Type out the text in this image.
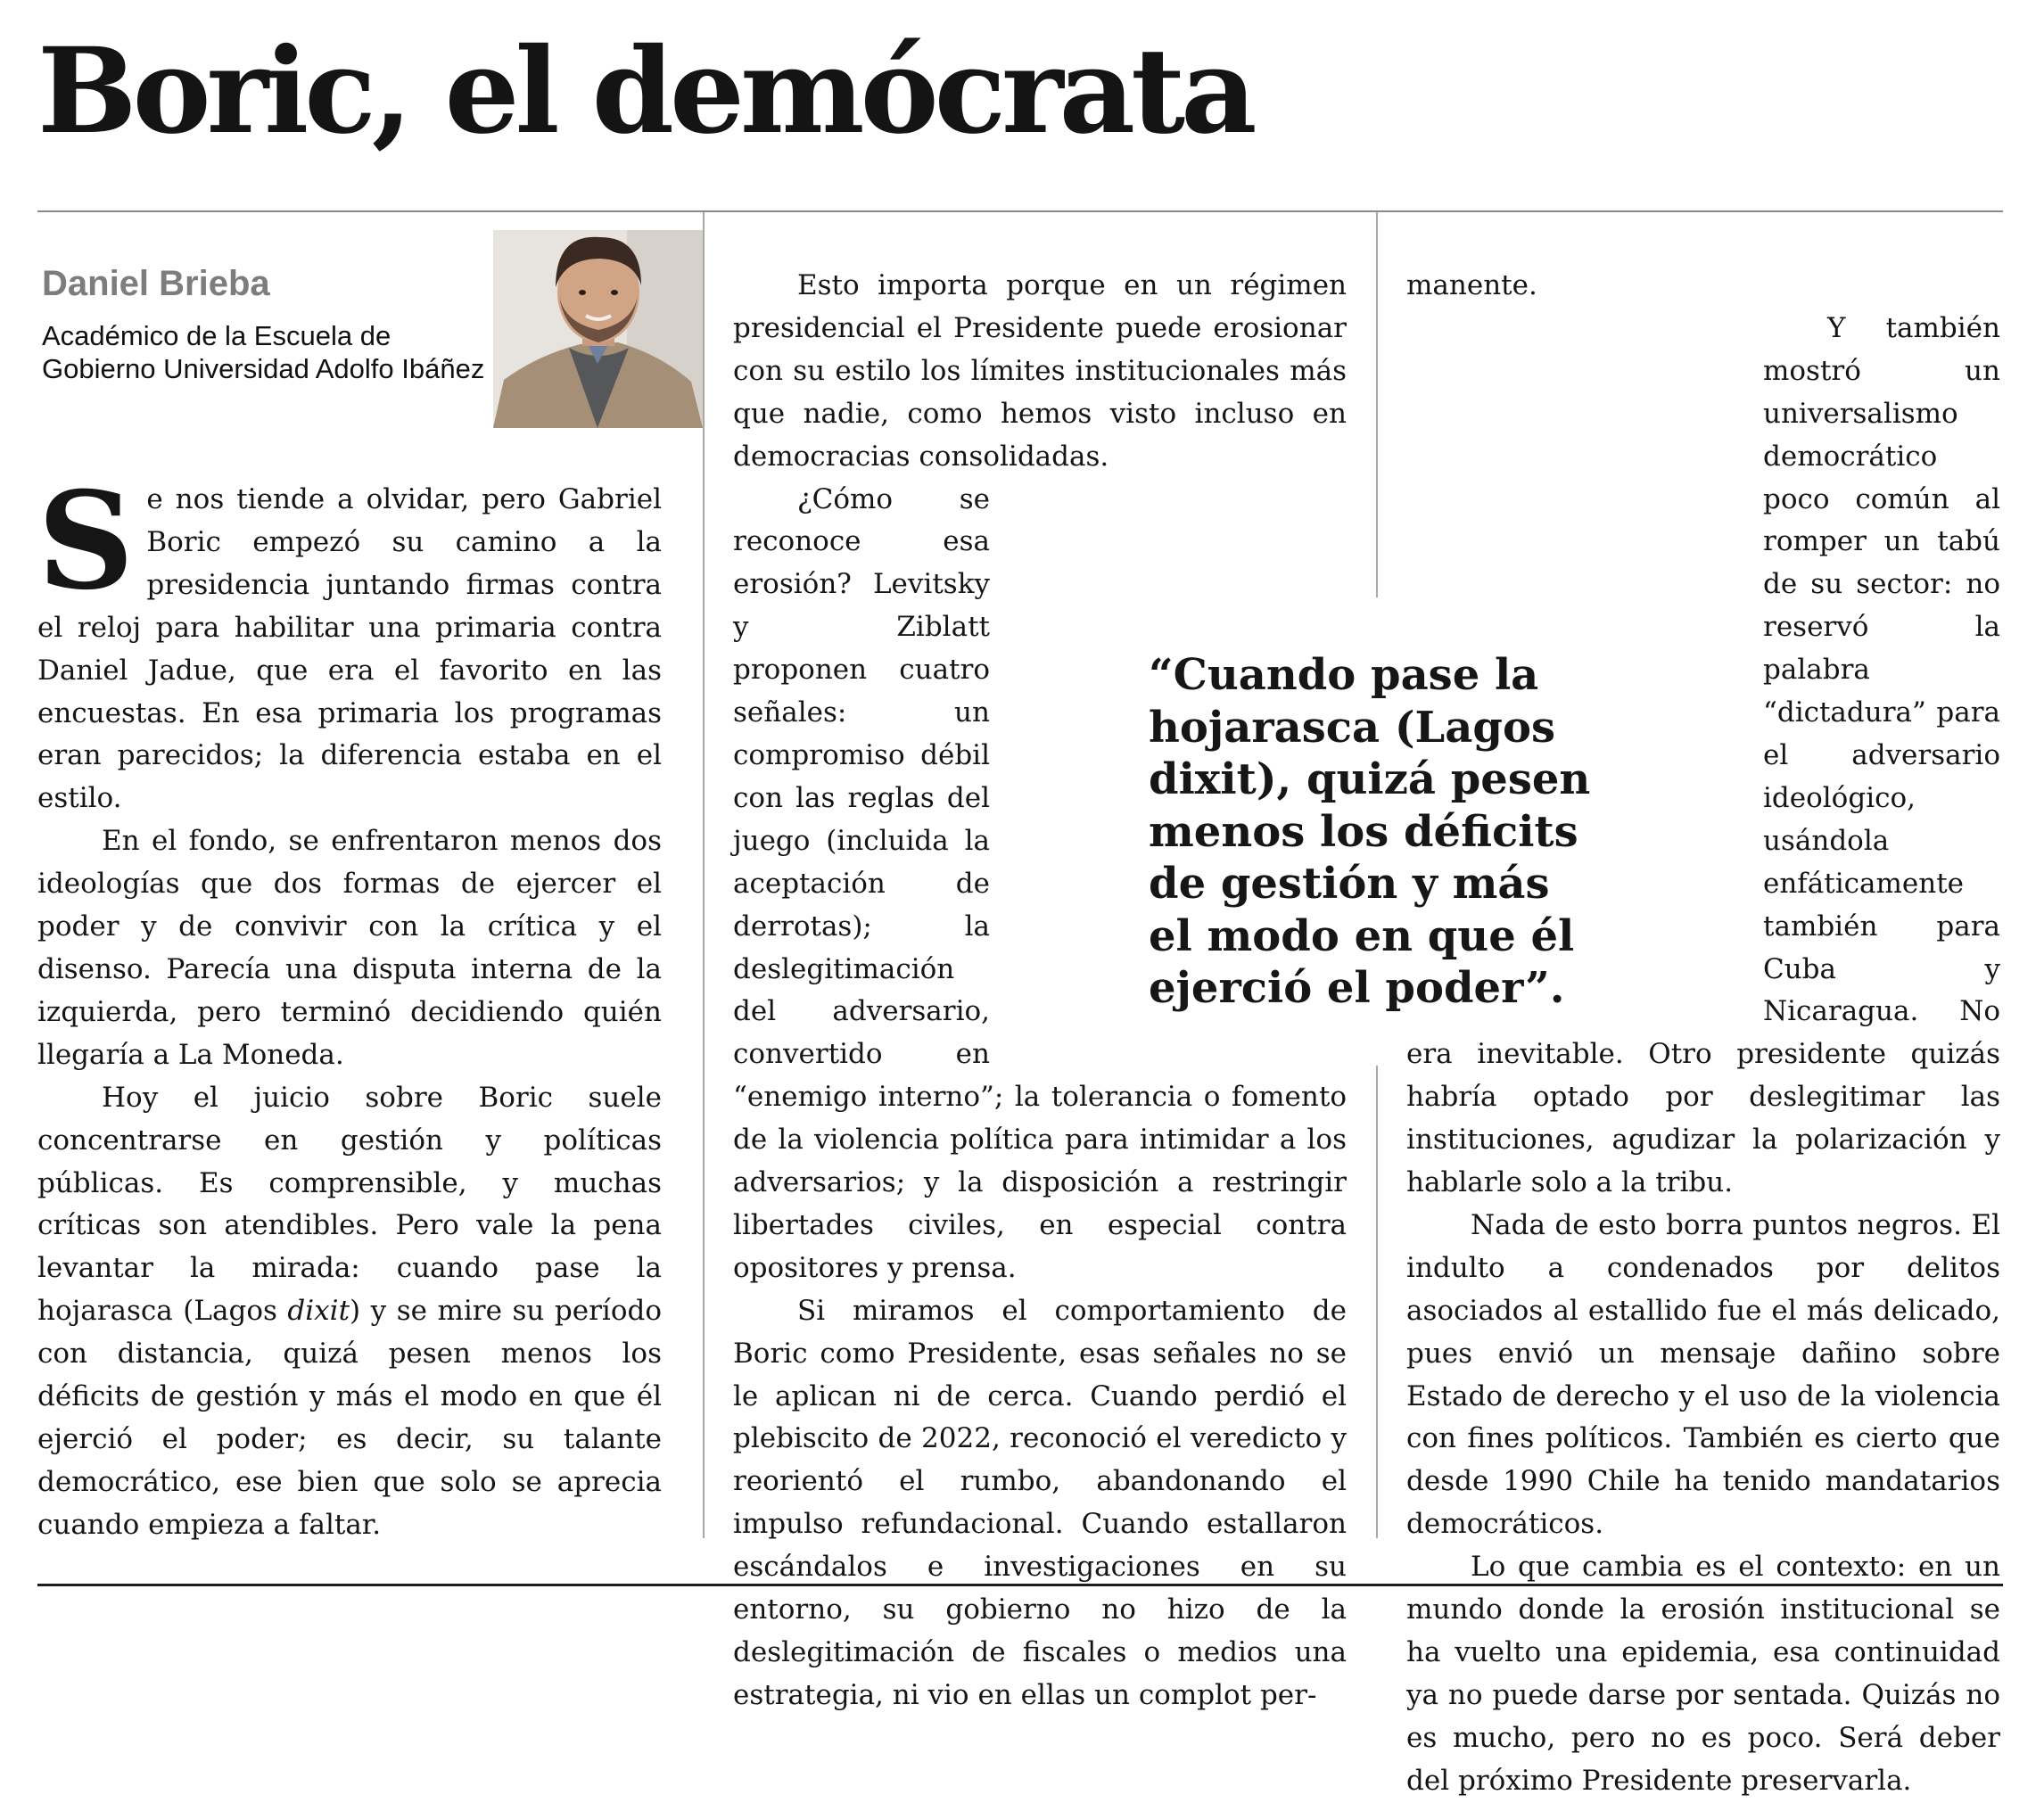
Boric, el demócrata
Daniel Brieba
Académico de la Escuela de Gobierno Universidad Adolfo Ibáñez

Se nos tiende a olvidar, pero Gabriel Boric empezó su camino a la presidencia juntando firmas contra el reloj para habilitar una primaria contra Daniel Jadue, que era el favorito en las encuestas. En esa primaria los programas eran parecidos; la diferencia estaba en el estilo.

En el fondo, se enfrentaron menos dos ideologías que dos formas de ejercer el poder y de convivir con la crítica y el disenso. Parecía una disputa interna de la izquierda, pero terminó decidiendo quién llegaría a La Moneda.

Hoy el juicio sobre Boric suele concentrarse en gestión y políticas públicas. Es comprensible, y muchas críticas son atendibles. Pero vale la pena levantar la mirada: cuando pase la hojarasca (Lagos dixit) y se mire su período con distancia, quizá pesen menos los déficits de gestión y más el modo en que él ejerció el poder; es decir, su talante democrático, ese bien que solo se aprecia cuando empieza a faltar.

Esto importa porque en un régimen presidencial el Presidente puede erosionar con su estilo los límites institucionales más que nadie, como hemos visto incluso en democracias consolidadas.

¿Cómo se reconoce esa erosión? Levitsky y Ziblatt proponen cuatro señales: un compromiso débil con las reglas del juego (incluida la aceptación de derrotas); la deslegitimación del adversario, convertido en “enemigo interno”; la tolerancia o fomento de la violencia política para intimidar a los adversarios; y la disposición a restringir libertades civiles, en especial contra opositores y prensa.

Si miramos el comportamiento de Boric como Presidente, esas señales no se le aplican ni de cerca. Cuando perdió el plebiscito de 2022, reconoció el veredicto y reorientó el rumbo, abandonando el impulso refundacional. Cuando estallaron escándalos e investigaciones en su entorno, su gobierno no hizo de la deslegitimación de fiscales o medios una estrategia, ni vio en ellas un complot per-

manente.

Y también mostró un universalismo democrático poco común al romper un tabú de su sector: no reservó la palabra “dictadura” para el adversario ideológico, usándola enfáticamente también para Cuba y Nicaragua. No era inevitable. Otro presidente quizás habría optado por deslegitimar las instituciones, agudizar la polarización y hablarle solo a la tribu.

Nada de esto borra puntos negros. El indulto a condenados por delitos asociados al estallido fue el más delicado, pues envió un mensaje dañino sobre Estado de derecho y el uso de la violencia con fines políticos. También es cierto que desde 1990 Chile ha tenido mandatarios democráticos.

Lo que cambia es el contexto: en un mundo donde la erosión institucional se ha vuelto una epidemia, esa continuidad ya no puede darse por sentada. Quizás no es mucho, pero no es poco. Será deber del próximo Presidente preservarla.

“Cuando pase la hojarasca (Lagos dixit), quizá pesen menos los déficits de gestión y más el modo en que él ejerció el poder”.
